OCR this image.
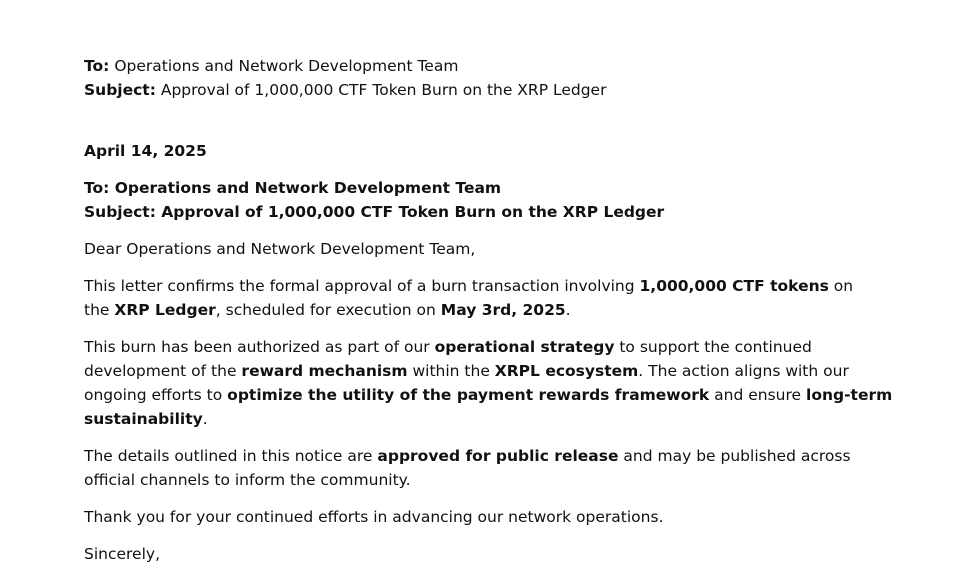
To: Operations and Network Development Team
Subject: Approval of 1,000,000 CTF Token Burn on the XRP Ledger
April 14, 2025
To: Operations and Network Development Team
Subject: Approval of 1,000,000 CTF Token Burn on the XRP Ledger
Dear Operations and Network Development Team,
This letter confirms the formal approval of a burn transaction involving 1,000,000 CTF tokens on
the XRP Ledger, scheduled for execution on May 3rd, 2025.
This burn has been authorized as part of our operational strategy to support the continued
development of the reward mechanism within the XRPL ecosystem. The action aligns with our
ongoing efforts to optimize the utility of the payment rewards framework and ensure long-term
sustainability.
The details outlined in this notice are approved for public release and may be published across
official channels to inform the community.
Thank you for your continued efforts in advancing our network operations.
Sincerely,
